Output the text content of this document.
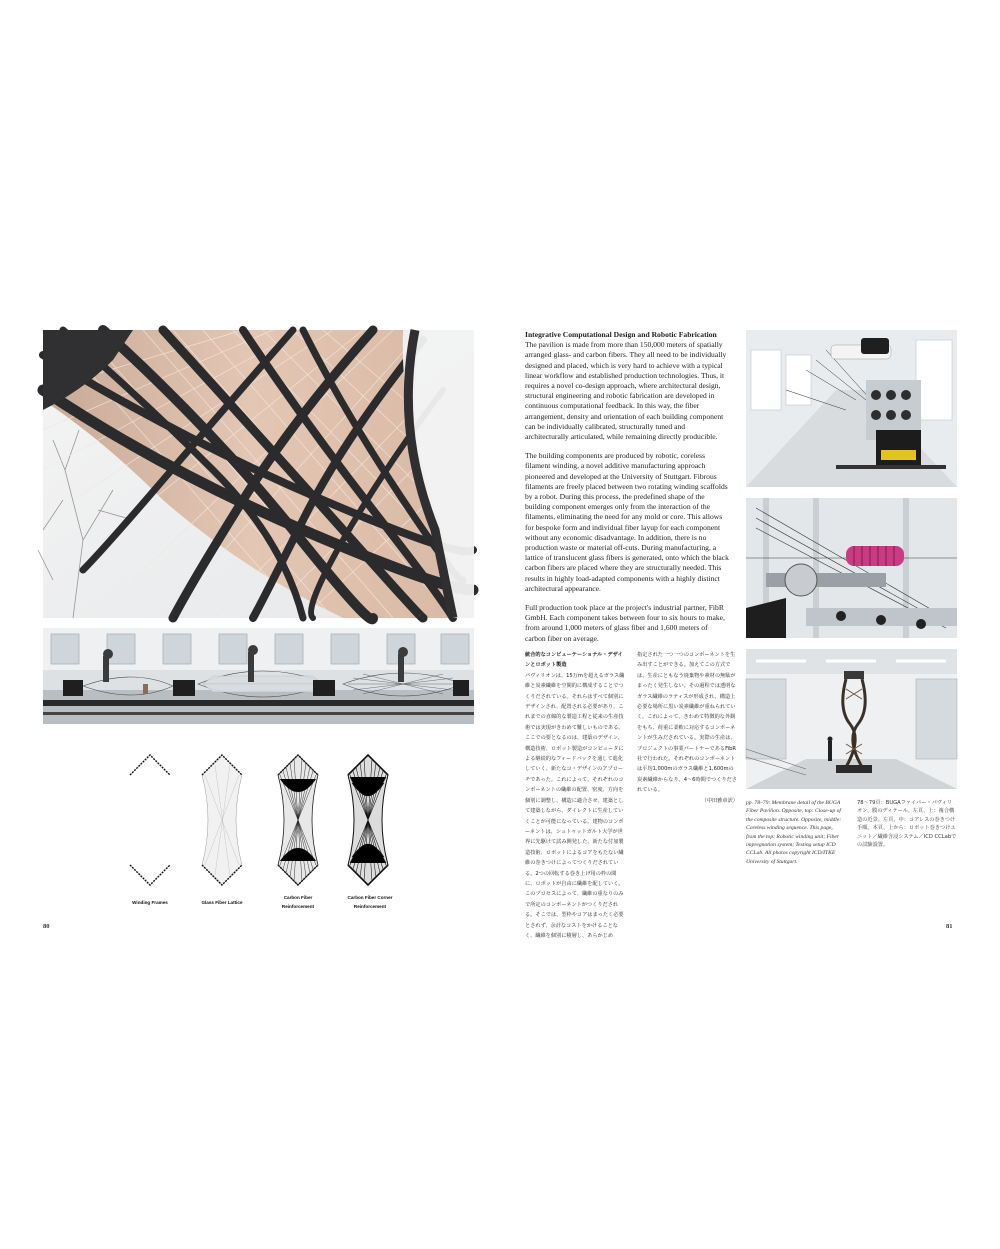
Winding Frames	Glass Fiber Lattice
Carbon Fiber
Reinforcement
Carbon Fiber Corner
Reinforcement
80
Integrative Computational Design and Robotic Fabrication

The pavilion is made from more than 150,000 meters of spatially arranged glass- and carbon fibers. They all need to be individually designed and placed, which is very hard to achieve with a typical linear workflow and established production technologies. Thus, it requires a novel co-design approach, where architectural design, structural engineering and robotic fabrication are developed in continuous computational feedback. In this way, the fiber arrangement, density and orientation of each building component can be individually calibrated, structurally tuned and architecturally articulated, while remaining directly producible.

The building components are produced by robotic, coreless filament winding, a novel additive manufacturing approach pioneered and developed at the University of Stuttgart. Fibrous filaments are freely placed between two rotating winding scaffolds by a robot. During this process, the predefined shape of the building component emerges only from the interaction of the filaments, eliminating the need for any mold or core. This allows for bespoke form and individual fiber layup for each component without any economic disadvantage. In addition, there is no production waste or material off-cuts. During manufacturing, a lattice of translucent glass fibers is generated, onto which the black carbon fibers are placed where they are structurally needed. This results in highly load-adapted components with a highly distinct architectural appearance.

Full production took place at the project's industrial partner, FibR GmbH. Each component takes between four to six hours to make, from around 1,000 meters of glass fiber and 1,600 meters of carbon fiber on average.

統合的なコンピューテーショナル・デザインとロボット製造

パヴィリオンは、15万mを超えるガラス繊維と炭素繊維を空間的に構成することでつくりだされている。それらはすべて個別にデザインされ、配置される必要があり、これまでの直線的な製造工程と従来の生産技術では実現がきわめて難しいものである。ここでの要となるのは、建築のデザイン、構造技術、ロボット製造がコンピュータによる継続的なフィードバックを通して進化していく、新たなコ・デザインのアプローチであった。これによって、それぞれのコンポーネントの繊維の配置、密度、方向を個別に調整し、構造に適合させ、建築として建築しながら、ダイレクトに生産していくことが可能になっている。建物のコンポーネントは、シュトゥットガルト大学が世界に先駆けて試み開発した、新たな付加製造技術、ロボットによるコアをもたない繊維の巻きつけによってつくりだされている。2つの回転する巻き上げ用の枠の間に、ロボットが自由に繊維を配していく。このプロセスによって、繊維の重なりのみで所定のコンポーネントがつくりだされる。そこでは、型枠やコアはまったく必要とされず、余計なコストをかけることなく、繊維を個別に積層し、あらかじめ

指定された一つ一つのコンポーネントを生み出すことができる。加えてこの方式では、生産にともなう廃棄物や素材の無駄がまったく発生しない。その過程では透明なガラス繊維のラティスが形成され、構造上必要な場所に黒い炭素繊維が重ねられていく。これによって、きわめて特徴的な外観をもち、荷重に柔軟に対応するコンポーネントが生みだされている。実際の生産は、プロジェクトの事業パートナーであるFibR社で行われた。それぞれのコンポーネントは平均1,000mのガラス繊維と1,600mの炭素繊維からなり、4〜6時間でつくりだされている。

（中田雅章訳） pp. 78–79: Membrane detail of the BUGA Fiber Pavilion. Opposite, top: Close-up of the composite structure. Opposite, middle: Coreless winding sequence. This page, from the top: Robotic winding unit; Fiber impregnation system; Testing setup ICD CCLab. All photos copyright ICD/ITKE University of Stuttgart.
78〜79頁：BUGAファイバー・パヴィリオン、膜のディテール。左頁、上：複合構造の近景。左頁、中：コアレスの巻きつけ手順。本頁、上から：ロボット巻きつけユニット／繊維含浸システム／ICD CCLabでの試験設置。
81
